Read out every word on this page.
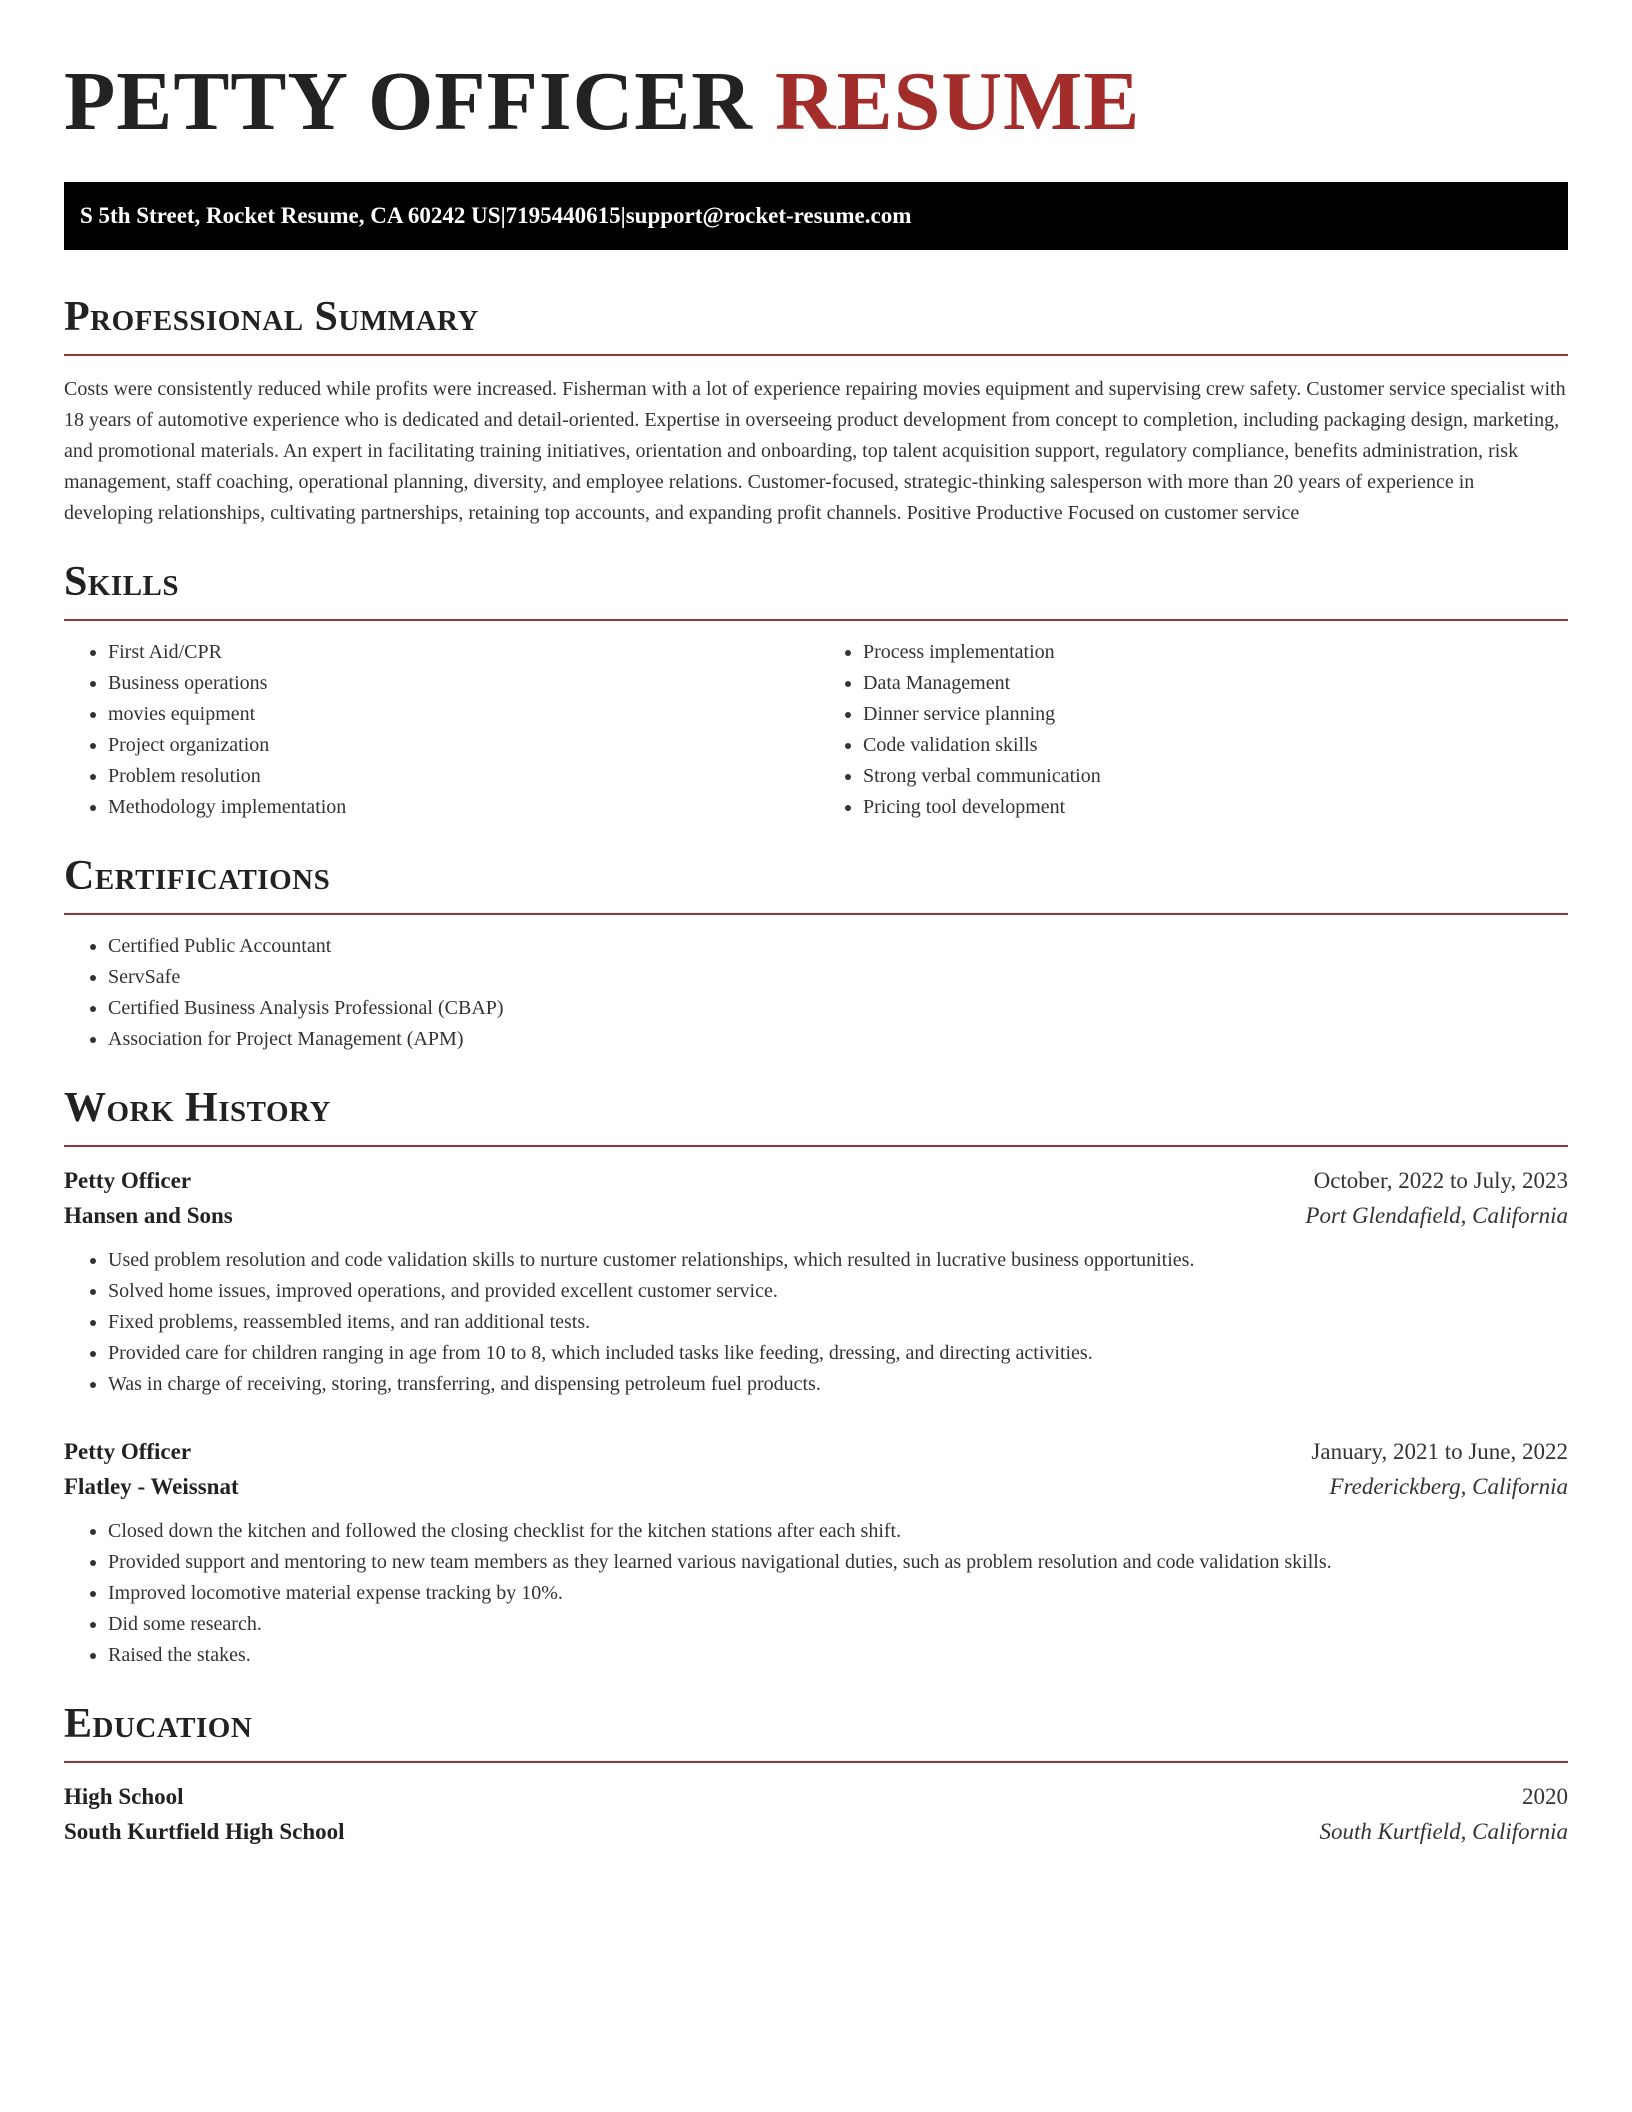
PETTY OFFICER RESUME
S 5th Street, Rocket Resume, CA 60242 US | 7195440615 | support@rocket-resume.com
Professional Summary

Costs were consistently reduced while profits were increased. Fisherman with a lot of experience repairing movies equipment and supervising crew safety. Customer service specialist with 18 years of automotive experience who is dedicated and detail-oriented. Expertise in overseeing product development from concept to completion, including packaging design, marketing, and promotional materials. An expert in facilitating training initiatives, orientation and onboarding, top talent acquisition support, regulatory compliance, benefits administration, risk management, staff coaching, operational planning, diversity, and employee relations. Customer-focused, strategic-thinking salesperson with more than 20 years of experience in developing relationships, cultivating partnerships, retaining top accounts, and expanding profit channels. Positive Productive Focused on customer service

Skills
• First Aid/CPR
• Business operations
• movies equipment
• Project organization
• Problem resolution
• Methodology implementation
• Process implementation
• Data Management
• Dinner service planning
• Code validation skills
• Strong verbal communication
• Pricing tool development
Certifications
• Certified Public Accountant
• ServSafe
• Certified Business Analysis Professional (CBAP)
• Association for Project Management (APM)
Work History
Petty Officer	October, 2022 to July, 2023
Hansen and Sons	Port Glendafield, California
• Used problem resolution and code validation skills to nurture customer relationships, which resulted in lucrative business opportunities.
• Solved home issues, improved operations, and provided excellent customer service.
• Fixed problems, reassembled items, and ran additional tests.
• Provided care for children ranging in age from 10 to 8, which included tasks like feeding, dressing, and directing activities.
• Was in charge of receiving, storing, transferring, and dispensing petroleum fuel products.
Petty Officer	January, 2021 to June, 2022
Flatley - Weissnat	Frederickberg, California
• Closed down the kitchen and followed the closing checklist for the kitchen stations after each shift.
• Provided support and mentoring to new team members as they learned various navigational duties, such as problem resolution and code validation skills.
• Improved locomotive material expense tracking by 10%.
• Did some research.
• Raised the stakes.
Education
High School	2020
South Kurtfield High School	South Kurtfield, California
